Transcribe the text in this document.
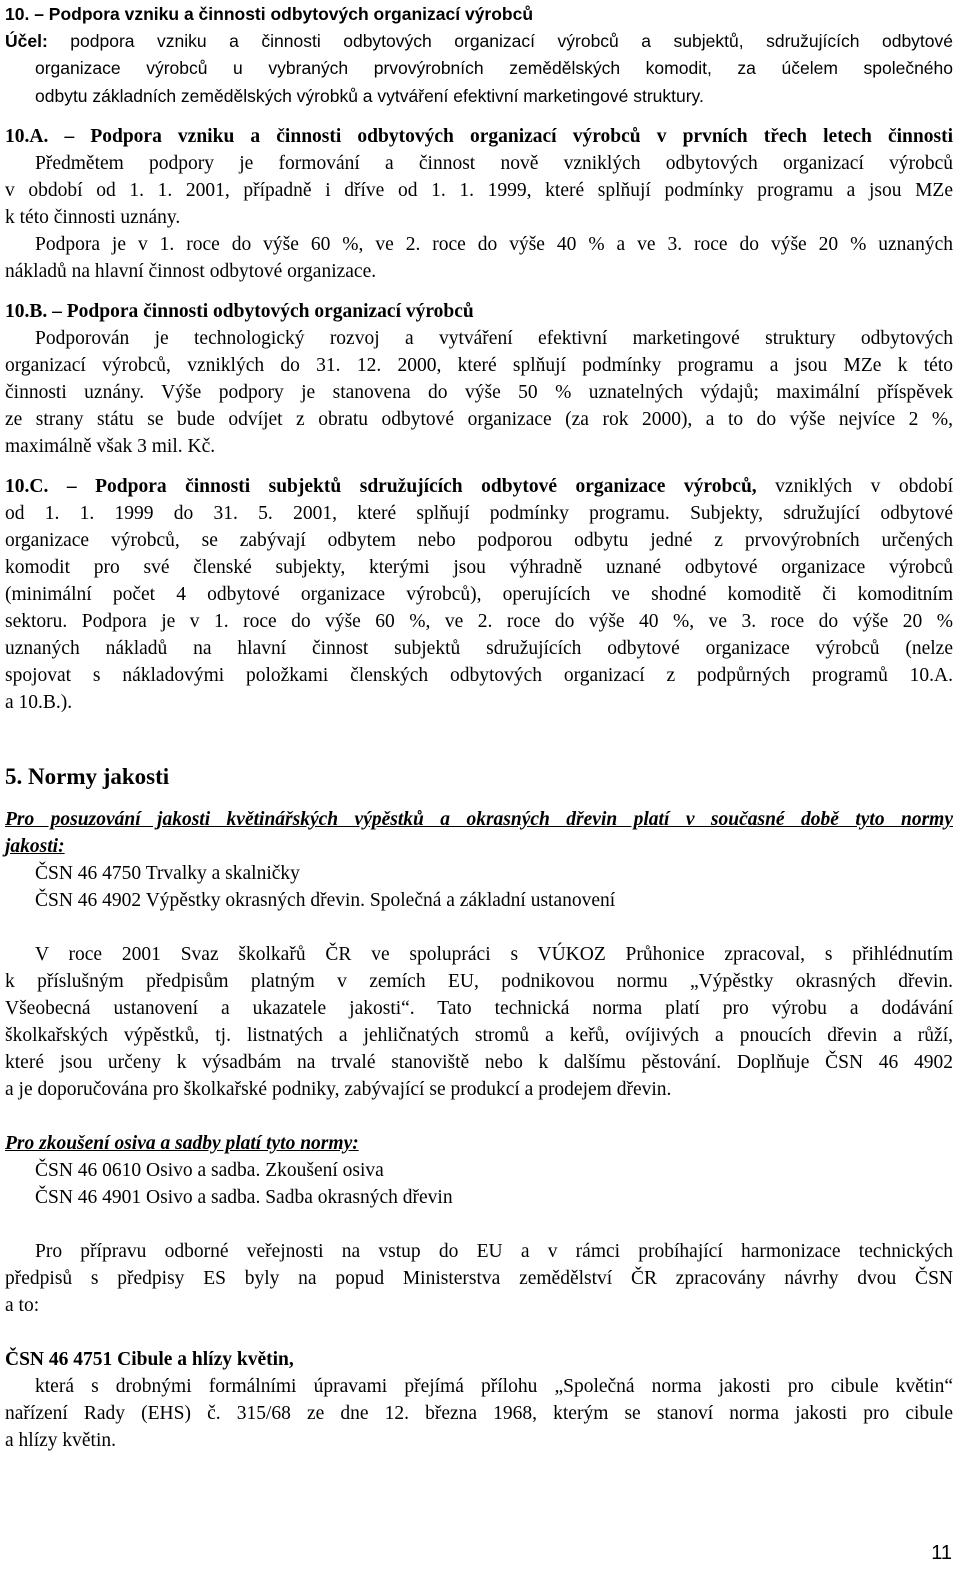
10. – Podpora vzniku a činnosti odbytových organizací výrobců
Účel: podpora vzniku a činnosti odbytových organizací výrobců a subjektů, sdružujících odbytové
organizace výrobců u vybraných prvovýrobních zemědělských komodit, za účelem společného
odbytu základních zemědělských výrobků a vytváření efektivní marketingové struktury.
10.A. – Podpora vzniku a činnosti odbytových organizací výrobců v prvních třech letech činnosti
Předmětem podpory je formování a činnost nově vzniklých odbytových organizací výrobců
v období od 1. 1. 2001, případně i dříve od 1. 1. 1999, které splňují podmínky programu a jsou MZe
k této činnosti uznány.
Podpora je v 1. roce do výše 60 %, ve 2. roce do výše 40 % a ve 3. roce do výše 20 % uznaných
nákladů na hlavní činnost odbytové organizace.
10.B. – Podpora činnosti odbytových organizací výrobců
Podporován je technologický rozvoj a vytváření efektivní marketingové struktury odbytových
organizací výrobců, vzniklých do 31. 12. 2000, které splňují podmínky programu a jsou MZe k této
činnosti uznány. Výše podpory je stanovena do výše 50 % uznatelných výdajů; maximální příspěvek
ze strany státu se bude odvíjet z obratu odbytové organizace (za rok 2000), a to do výše nejvíce 2 %,
maximálně však 3 mil. Kč.
10.C. – Podpora činnosti subjektů sdružujících odbytové organizace výrobců, vzniklých v období
od 1. 1. 1999 do 31. 5. 2001, které splňují podmínky programu. Subjekty, sdružující odbytové
organizace výrobců, se zabývají odbytem nebo podporou odbytu jedné z prvovýrobních určených
komodit pro své členské subjekty, kterými jsou výhradně uznané odbytové organizace výrobců
(minimální počet 4 odbytové organizace výrobců), operujících ve shodné komoditě či komoditním
sektoru. Podpora je v 1. roce do výše 60 %, ve 2. roce do výše 40 %, ve 3. roce do výše 20 %
uznaných nákladů na hlavní činnost subjektů sdružujících odbytové organizace výrobců (nelze
spojovat s nákladovými položkami členských odbytových organizací z podpůrných programů 10.A.
a 10.B.).
5. Normy jakosti
Pro posuzování jakosti květinářských výpěstků a okrasných dřevin platí v současné době tyto normy
jakosti:
ČSN 46 4750 Trvalky a skalničky
ČSN 46 4902 Výpěstky okrasných dřevin. Společná a základní ustanovení
V roce 2001 Svaz školkařů ČR ve spolupráci s VÚKOZ Průhonice zpracoval, s přihlédnutím
k příslušným předpisům platným v zemích EU, podnikovou normu „Výpěstky okrasných dřevin.
Všeobecná ustanovení a ukazatele jakosti“. Tato technická norma platí pro výrobu a dodávání
školkařských výpěstků, tj. listnatých a jehličnatých stromů a keřů, ovíjivých a pnoucích dřevin a růží,
které jsou určeny k výsadbám na trvalé stanoviště nebo k dalšímu pěstování. Doplňuje ČSN 46 4902
a je doporučována pro školkařské podniky, zabývající se produkcí a prodejem dřevin.
Pro zkoušení osiva a sadby platí tyto normy:
ČSN 46 0610 Osivo a sadba. Zkoušení osiva
ČSN 46 4901 Osivo a sadba. Sadba okrasných dřevin
Pro přípravu odborné veřejnosti na vstup do EU a v rámci probíhající harmonizace technických
předpisů s předpisy ES byly na popud Ministerstva zemědělství ČR zpracovány návrhy dvou ČSN
a to:
ČSN 46 4751 Cibule a hlízy květin,
která s drobnými formálními úpravami přejímá přílohu „Společná norma jakosti pro cibule květin“
nařízení Rady (EHS) č. 315/68 ze dne 12. března 1968, kterým se stanoví norma jakosti pro cibule
a hlízy květin.
11
